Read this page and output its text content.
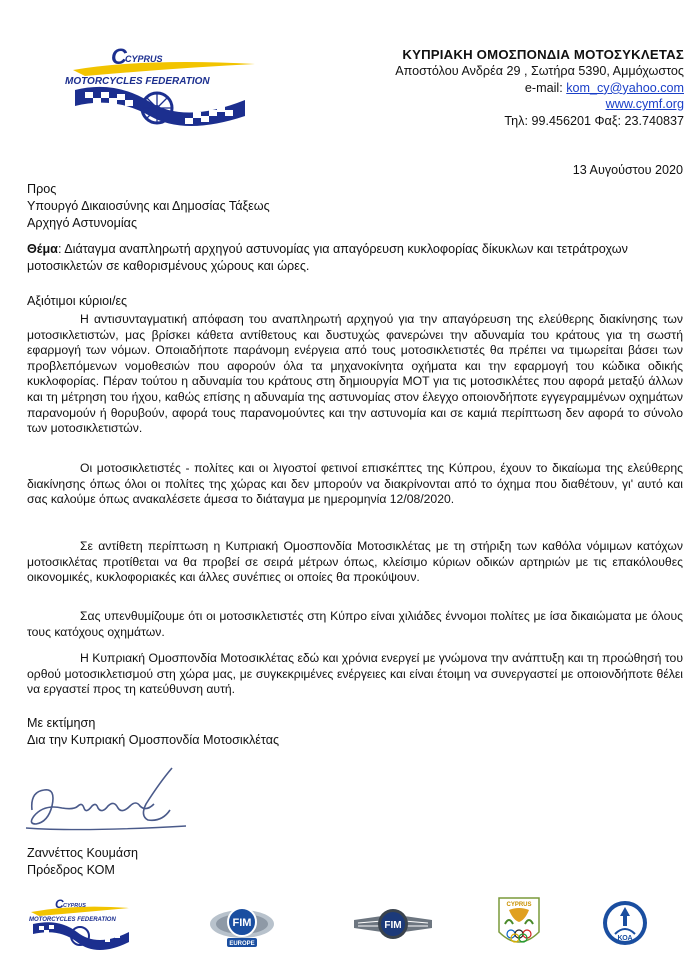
C
CYPRUS
MOTORCYCLES FEDERATION
ΚΥΠΡΙΑΚΗ ΟΜΟΣΠΟΝΔΙΑ ΜΟΤΟΣΥΚΛΕΤΑΣ
Αποστόλου Ανδρέα 29 , Σωτήρα 5390, Αμμόχωστος
e-mail: kom_cy@yahoo.com
www.cymf.org
Τηλ: 99.456201 Φαξ: 23.740837
13 Αυγούστου 2020
Προς
Υπουργό Δικαιοσύνης και Δημοσίας Τάξεως
Αρχηγό Αστυνομίας
Θέμα: Διάταγμα αναπληρωτή αρχηγού αστυνομίας για απαγόρευση κυκλοφορίας δίκυκλων και τετράτροχων μοτοσικλετών σε καθορισμένους χώρους και ώρες.
Αξιότιμοι κύριοι/ες

Η αντισυνταγματική απόφαση του αναπληρωτή αρχηγού για την απαγόρευση της ελεύθερης διακίνησης των μοτοσικλετιστών, μας βρίσκει κάθετα αντίθετους και δυστυχώς φανερώνει την αδυναμία του κράτους για τη σωστή εφαρμογή των νόμων. Οποιαδήποτε παράνομη ενέργεια από τους μοτοσικλετιστές θα πρέπει να τιμωρείται βάσει των προβλεπόμενων νομοθεσιών που αφορούν όλα τα μηχανοκίνητα οχήματα και την εφαρμογή του κώδικα οδικής κυκλοφορίας. Πέραν τούτου η αδυναμία του κράτους στη δημιουργία MOT για τις μοτοσικλέτες που αφορά μεταξύ άλλων και τη μέτρηση του ήχου, καθώς επίσης η αδυναμία της αστυνομίας στον έλεγχο οποιονδήποτε εγγεγραμμένων οχημάτων παρανομούν ή θορυβούν, αφορά τους παρανομούντες και την αστυνομία και σε καμιά περίπτωση δεν αφορά το σύνολο των μοτοσικλετιστών.

Οι μοτοσικλετιστές - πολίτες και οι λιγοστοί φετινοί επισκέπτες της Κύπρου, έχουν το δικαίωμα της ελεύθερης διακίνησης όπως όλοι οι πολίτες της χώρας και δεν μπορούν να διακρίνονται από το όχημα που διαθέτουν, γι' αυτό και σας καλούμε όπως ανακαλέσετε άμεσα το διάταγμα με ημερομηνία 12/08/2020.

Σε αντίθετη περίπτωση η Κυπριακή Ομοσπονδία Μοτοσικλέτας με τη στήριξη των καθόλα νόμιμων κατόχων μοτοσικλέτας προτίθεται να θα προβεί σε σειρά μέτρων όπως, κλείσιμο κύριων οδικών αρτηριών με τις επακόλουθες οικονομικές, κυκλοφοριακές και άλλες συνέπιες οι οποίες θα προκύψουν.

Σας υπενθυμίζουμε ότι οι μοτοσικλετιστές στη Κύπρο είναι χιλιάδες έννομοι πολίτες με ίσα δικαιώματα με όλους τους κατόχους οχημάτων.

Η Κυπριακή Ομοσπονδία Μοτοσικλέτας εδώ και χρόνια ενεργεί με γνώμονα την ανάπτυξη και τη προώθησή του ορθού μοτοσικλετισμού στη χώρα μας, με συγκεκριμένες ενέργειες και είναι έτοιμη να συνεργαστεί με οποιονδήποτε θέλει να εργαστεί προς τη κατεύθυνση αυτή.

Με εκτίμηση
Δια την Κυπριακή Ομοσπονδία Μοτοσικλέτας
Ζαννέττος Κουμάση
Πρόεδρος ΚΟΜ
C CYPRUS
MOTORCYCLES FEDERATION	FIM
EUROPE
FIM
CYPRUS
ΚΟΑ
